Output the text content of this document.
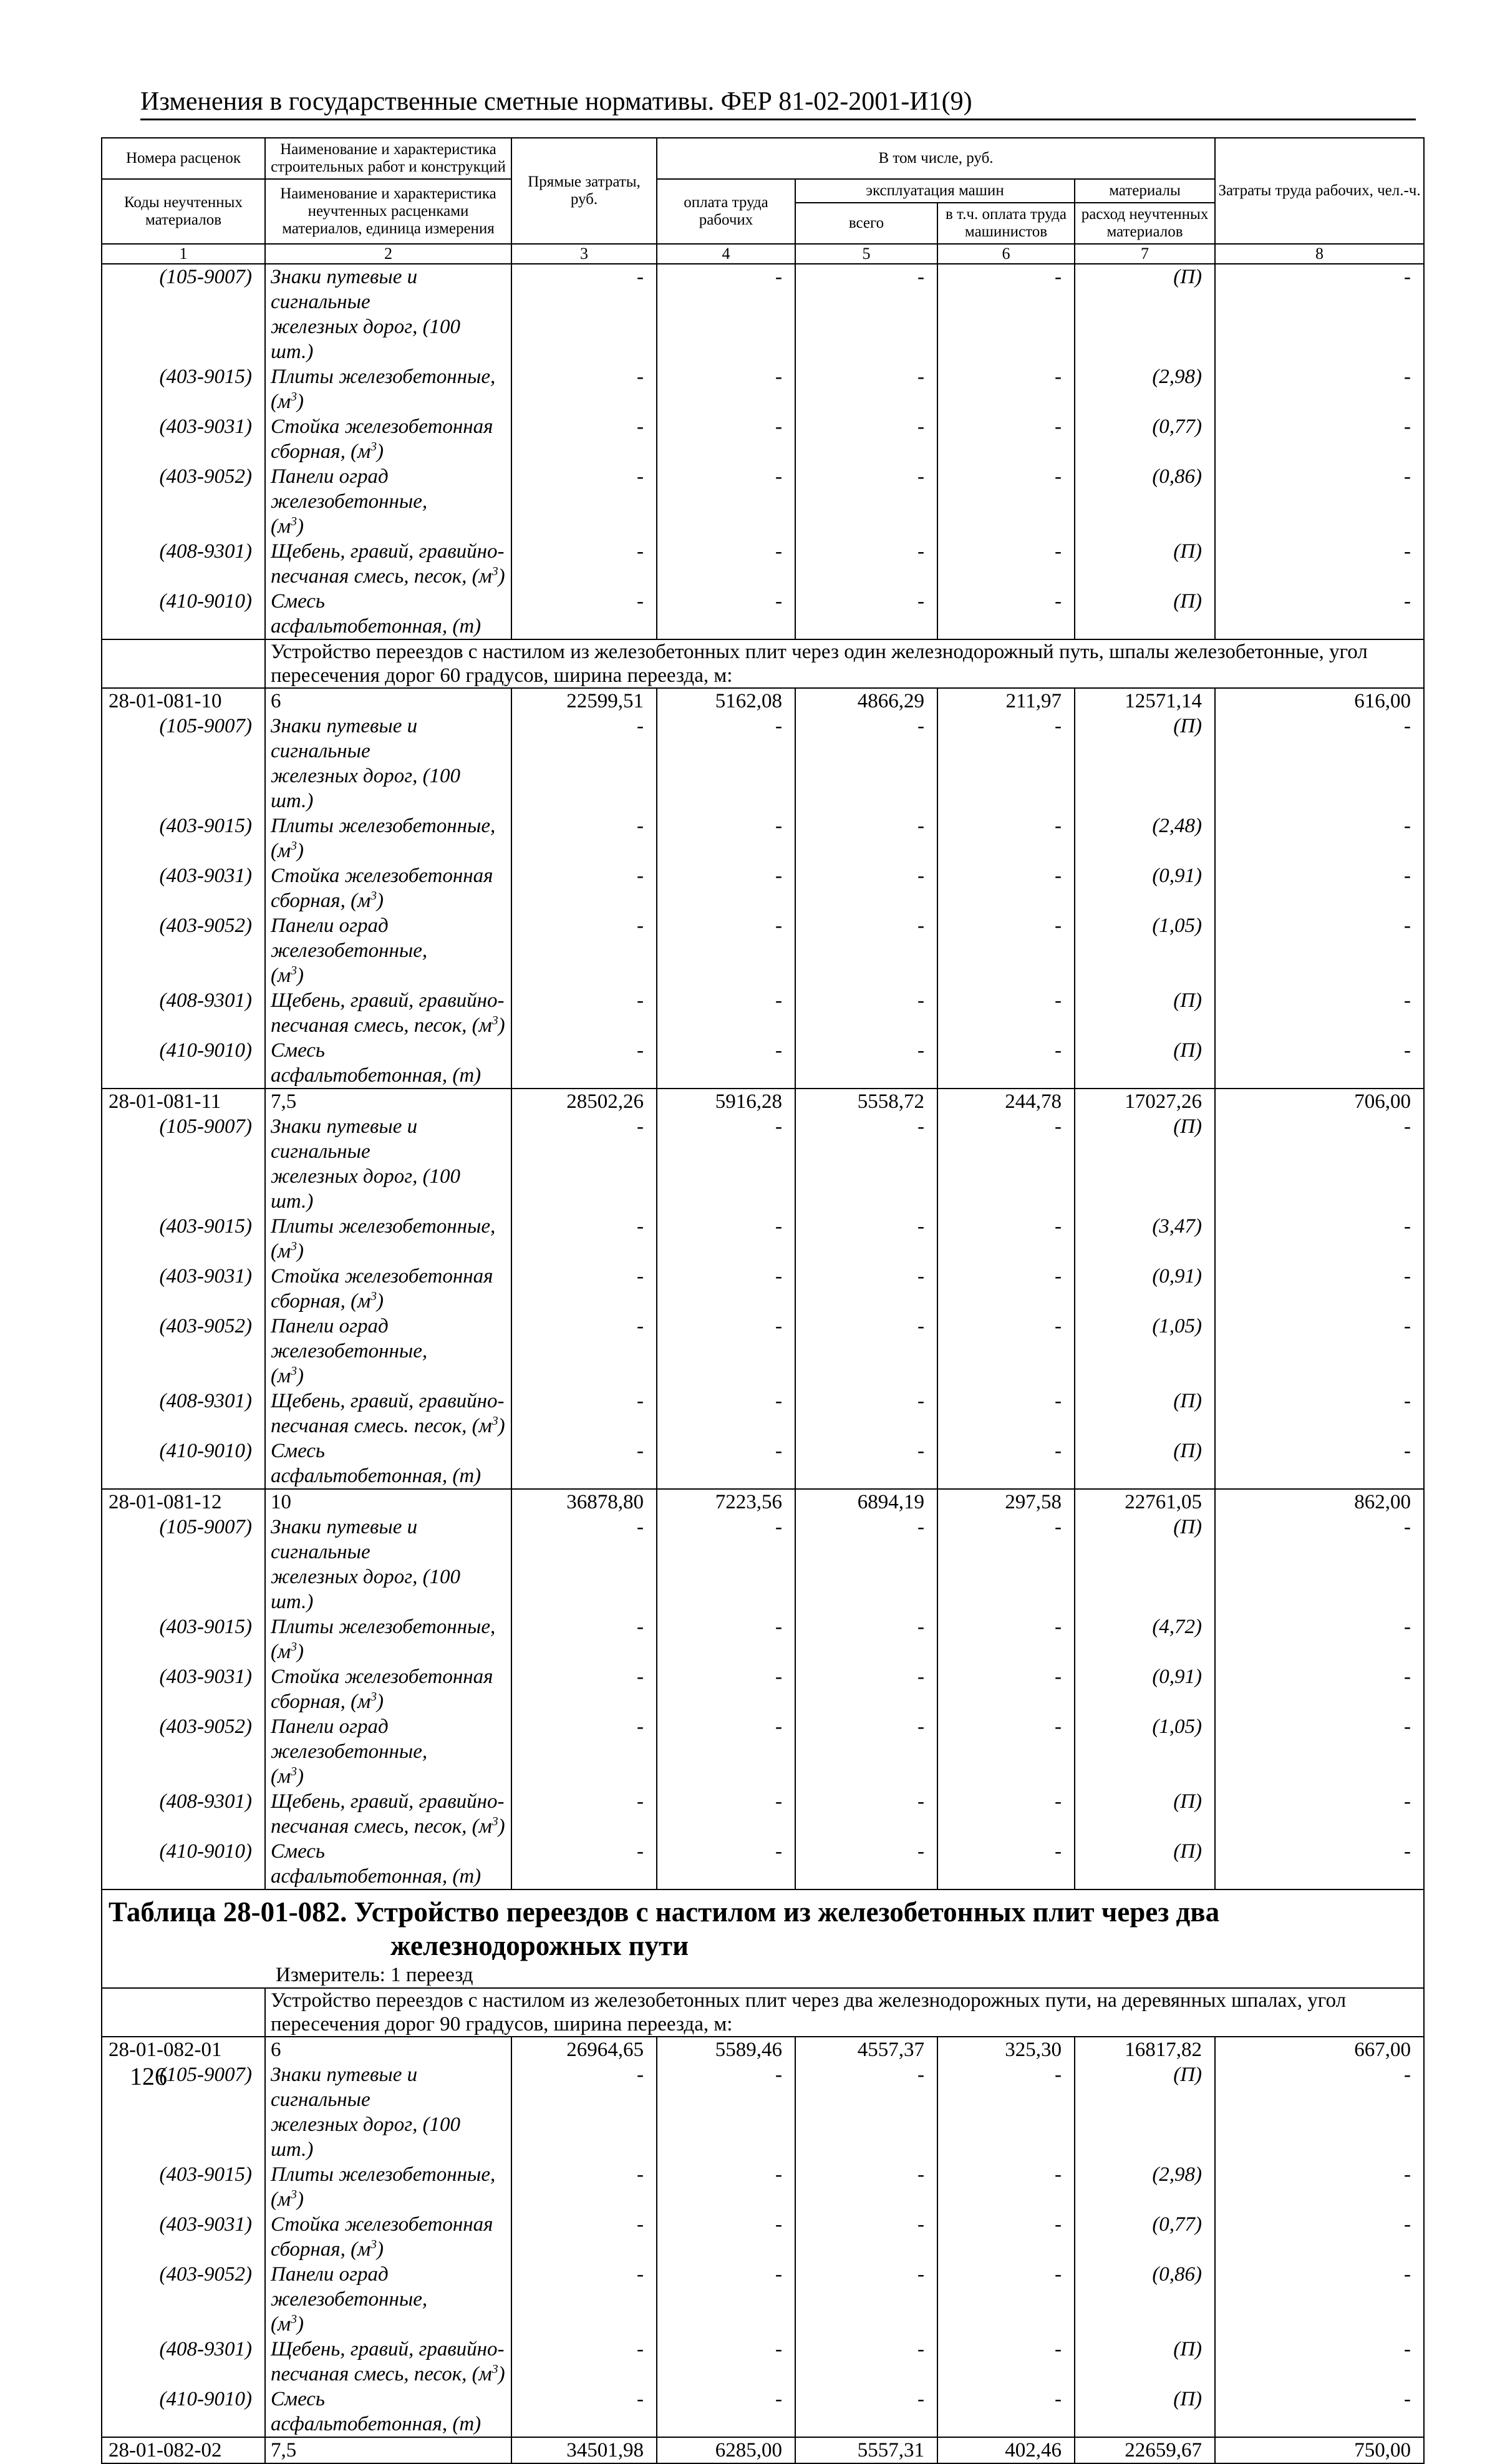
Изменения в государственные сметные нормативы. ФЕР 81-02-2001-И1(9)
Номера расценок	Наименование и характеристика строительных работ и конструкций	Прямые затраты, руб.	В том числе, руб.				Затраты труда рабочих, чел.-ч.
Коды неучтенных материалов	Наименование и характеристика неучтенных расценками материалов, единица измерения		оплата труда рабочих	эксплуатация машин		материалы	
				всего	в т.ч. оплата труда машинистов	расход неучтенных материалов	
1	2	3	4	5	6	7	8
(105-9007)	Знаки путевые и сигнальные
железных дорог, (100 шт.)	-	-	-	-	(П)	-
(403-9015)	Плиты железобетонные, $(м^3)$	-	-	-	-	(2,98)	-
(403-9031)	Стойка железобетонная
сборная, $(м^3)$	-	-	-	-	(0,77)	-
(403-9052)	Панели оград железобетонные,
$(м^3)$	-	-	-	-	(0,86)	-
(408-9301)	Щебень, гравий, гравийно-
песчаная смесь, песок, $(м^3)$	-	-	-	-	(П)	-
(410-9010)	Смесь асфальтобетонная, (т)	-	-	-	-	(П)	-
	Устройство переездов с настилом из железобетонных плит через один железнодорожный путь, шпалы железобетонные, угол пересечения дорог 60 градусов, ширина переезда, м:						
28-01-081-10	6	22599,51	5162,08	4866,29	211,97	12571,14	616,00
(105-9007)	Знаки путевые и сигнальные
железных дорог, (100 шт.)	-	-	-	-	(П)	-
(403-9015)	Плиты железобетонные, $(м^3)$	-	-	-	-	(2,48)	-
(403-9031)	Стойка железобетонная
сборная, $(м^3)$	-	-	-	-	(0,91)	-
(403-9052)	Панели оград железобетонные,
$(м^3)$	-	-	-	-	(1,05)	-
(408-9301)	Щебень, гравий, гравийно-
песчаная смесь, песок, $(м^3)$	-	-	-	-	(П)	-
(410-9010)	Смесь асфальтобетонная, (т)	-	-	-	-	(П)	-
28-01-081-11	7,5	28502,26	5916,28	5558,72	244,78	17027,26	706,00
(105-9007)	Знаки путевые и сигнальные
железных дорог, (100 шт.)	-	-	-	-	(П)	-
(403-9015)	Плиты железобетонные, $(м^3)$	-	-	-	-	(3,47)	-
(403-9031)	Стойка железобетонная
сборная, $(м^3)$	-	-	-	-	(0,91)	-
(403-9052)	Панели оград железобетонные,
$(м^3)$	-	-	-	-	(1,05)	-
(408-9301)	Щебень, гравий, гравийно-
песчаная смесь. песок, $(м^3)$	-	-	-	-	(П)	-
(410-9010)	Смесь асфальтобетонная, (т)	-	-	-	-	(П)	-
28-01-081-12	10	36878,80	7223,56	6894,19	297,58	22761,05	862,00
(105-9007)	Знаки путевые и сигнальные
железных дорог, (100 шт.)	-	-	-	-	(П)	-
(403-9015)	Плиты железобетонные, $(м^3)$	-	-	-	-	(4,72)	-
(403-9031)	Стойка железобетонная
сборная, $(м^3)$	-	-	-	-	(0,91)	-
(403-9052)	Панели оград железобетонные,
$(м^3)$	-	-	-	-	(1,05)	-
(408-9301)	Щебень, гравий, гравийно-
песчаная смесь, песок, $(м^3)$	-	-	-	-	(П)	-
(410-9010)	Смесь асфальтобетонная, (т)	-	-	-	-	(П)	-

Таблица 28-01-082. Устройство переездов с настилом из железобетонных плит через два
железнодорожных пути
Измеритель: 1 переезд							

	Устройство переездов с настилом из железобетонных плит через два железнодорожных пути, на деревянных шпалах, угол пересечения дорог 90 градусов, ширина переезда, м:						
28-01-082-01	6	26964,65	5589,46	4557,37	325,30	16817,82	667,00
(105-9007)	Знаки путевые и сигнальные
железных дорог, (100 шт.)	-	-	-	-	(П)	-
(403-9015)	Плиты железобетонные, $(м^3)$	-	-	-	-	(2,98)	-
(403-9031)	Стойка железобетонная
сборная, $(м^3)$	-	-	-	-	(0,77)	-
(403-9052)	Панели оград железобетонные,
$(м^3)$	-	-	-	-	(0,86)	-
(408-9301)	Щебень, гравий, гравийно-
песчаная смесь, песок, $(м^3)$	-	-	-	-	(П)	-
(410-9010)	Смесь асфальтобетонная, (т)	-	-	-	-	(П)	-
28-01-082-02	7,5	34501,98	6285,00	5557,31	402,46	22659,67	750,00
126
